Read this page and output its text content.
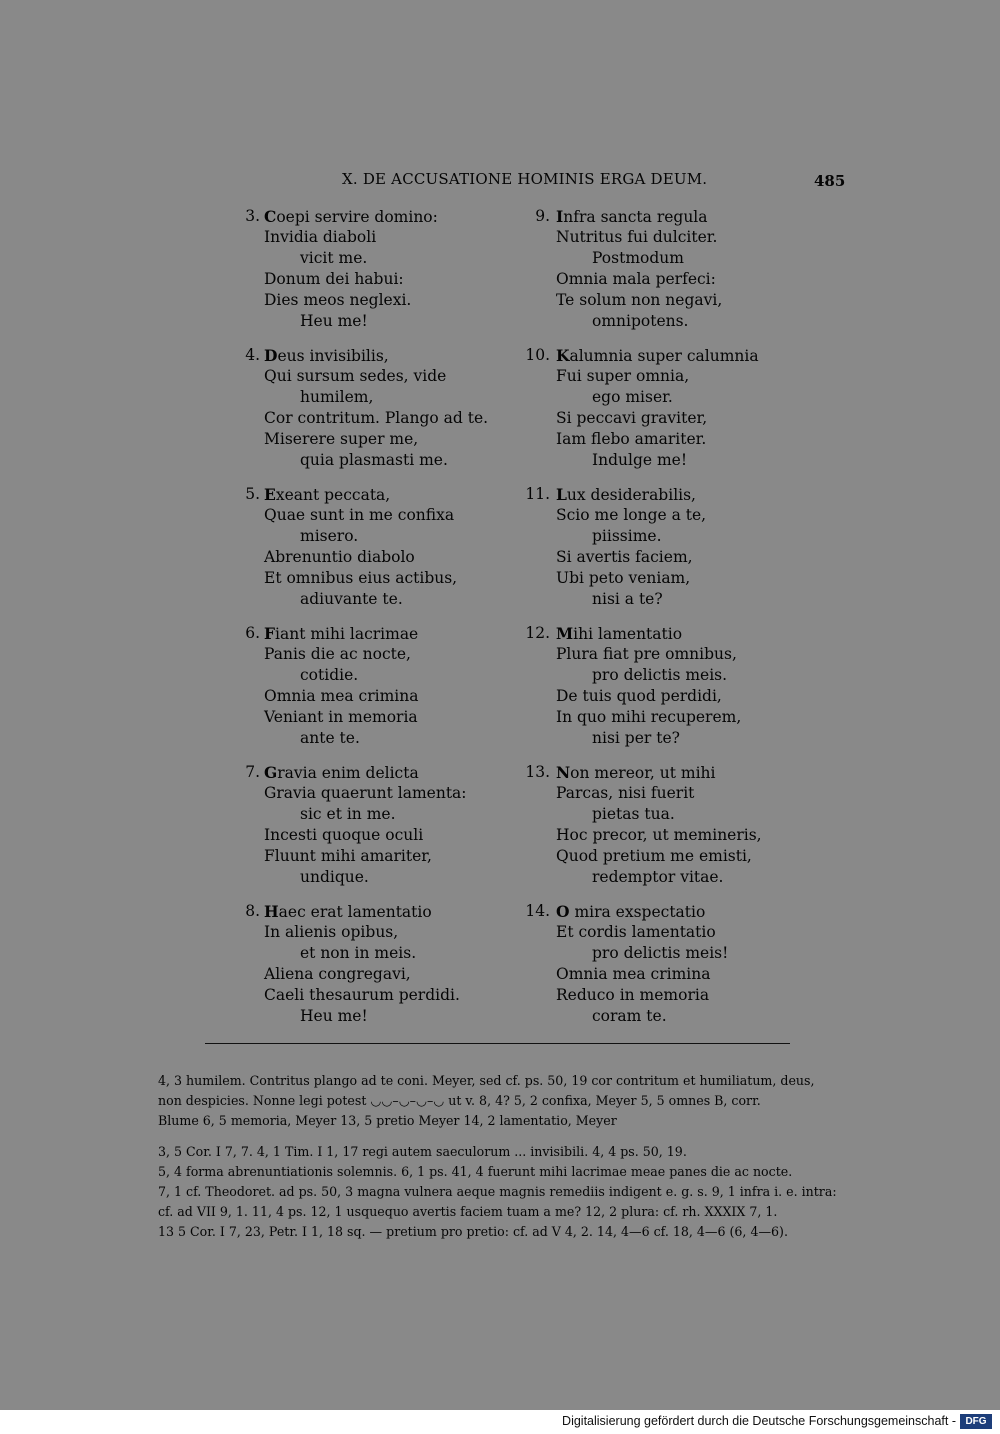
X. DE ACCUSATIONE HOMINIS ERGA DEUM.	485
3. Coepi servire domino:
Invidia diaboli
vicit me.
Donum dei habui:
Dies meos neglexi.
Heu me!
4. Deus invisibilis,
Qui sursum sedes, vide
humilem,
Cor contritum. Plango ad te.
Miserere super me,
quia plasmasti me.
5. Exeant peccata,
Quae sunt in me confixa
misero.
Abrenuntio diabolo
Et omnibus eius actibus,
adiuvante te.
6. Fiant mihi lacrimae
Panis die ac nocte,
cotidie.
Omnia mea crimina
Veniant in memoria
ante te.
7. Gravia enim delicta
Gravia quaerunt lamenta:
sic et in me.
Incesti quoque oculi
Fluunt mihi amariter,
undique.
8. Haec erat lamentatio
In alienis opibus,
et non in meis.
Aliena congregavi,
Caeli thesaurum perdidi.
Heu me!
9. Infra sancta regula
Nutritus fui dulciter.
Postmodum
Omnia mala perfeci:
Te solum non negavi,
omnipotens.
10. Kalumnia super calumnia
Fui super omnia,
ego miser.
Si peccavi graviter,
Iam flebo amariter.
Indulge me!
11. Lux desiderabilis,
Scio me longe a te,
piissime.
Si avertis faciem,
Ubi peto veniam,
nisi a te?
12. Mihi lamentatio
Plura fiat pre omnibus,
pro delictis meis.
De tuis quod perdidi,
In quo mihi recuperem,
nisi per te?
13. Non mereor, ut mihi
Parcas, nisi fuerit
pietas tua.
Hoc precor, ut memineris,
Quod pretium me emisti,
redemptor vitae.
14. O mira exspectatio
Et cordis lamentatio
pro delictis meis!
Omnia mea crimina
Reduco in memoria
coram te.
4, 3 humilem. Contritus plango ad te coni. Meyer, sed cf. ps. 50, 19 cor contritum et humiliatum, deus,
non despicies. Nonne legi potest ◡◡–◡–◡–◡ ut v. 8, 4? 5, 2 confixa, Meyer 5, 5 omnes B, corr.
Blume 6, 5 memoria, Meyer 13, 5 pretio Meyer 14, 2 lamentatio, Meyer
3, 5 Cor. I 7, 7. 4, 1 Tim. I 1, 17 regi autem saeculorum ... invisibili. 4, 4 ps. 50, 19.
5, 4 forma abrenuntiationis solemnis. 6, 1 ps. 41, 4 fuerunt mihi lacrimae meae panes die ac nocte.
7, 1 cf. Theodoret. ad ps. 50, 3 magna vulnera aeque magnis remediis indigent e. g. s. 9, 1 infra i. e. intra:
cf. ad VII 9, 1. 11, 4 ps. 12, 1 usquequo avertis faciem tuam a me? 12, 2 plura: cf. rh. XXXIX 7, 1.
13 5 Cor. I 7, 23, Petr. I 1, 18 sq. — pretium pro pretio: cf. ad V 4, 2. 14, 4—6 cf. 18, 4—6 (6, 4—6).
Digitalisierung gefördert durch die Deutsche Forschungsgemeinschaft - DFG
